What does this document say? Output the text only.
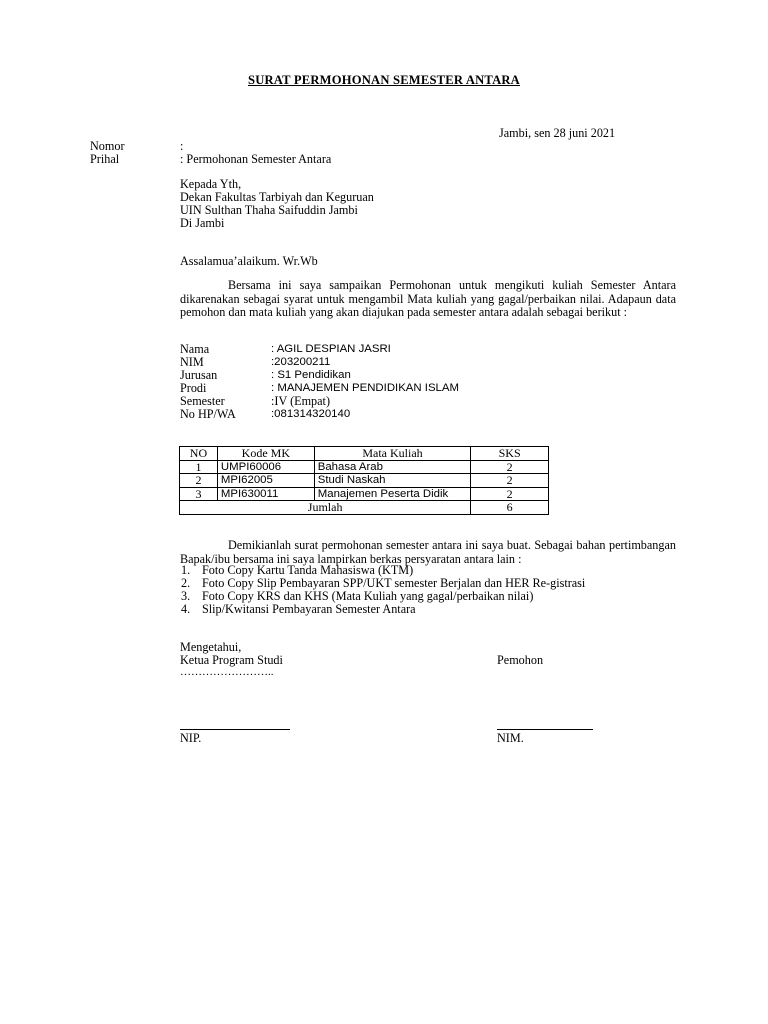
SURAT PERMOHONAN SEMESTER ANTARA
Jambi, sen 28 juni 2021
Nomor	:
Prihal	: Permohonan Semester Antara
Kepada Yth,
Dekan Fakultas Tarbiyah dan Keguruan
UIN Sulthan Thaha Saifuddin Jambi
Di Jambi
Assalamua’alaikum. Wr.Wb
Bersama ini saya sampaikan Permohonan untuk mengikuti kuliah Semester Antara dikarenakan sebagai syarat untuk mengambil Mata kuliah yang gagal/perbaikan nilai. Adapaun data pemohon dan mata kuliah yang akan diajukan pada semester antara adalah sebagai berikut :
Nama	: AGIL DESPIAN JASRI
NIM	:203200211
Jurusan	: S1 Pendidikan
Prodi	: MANAJEMEN PENDIDIKAN ISLAM
Semester	:IV (Empat)
No HP/WA	:081314320140
NO	Kode MK	Mata Kuliah	SKS
1	UMPI60006	Bahasa Arab	2
2	MPI62005	Studi Naskah	2
3	MPI630011	Manajemen Peserta Didik	2
Jumlah			6
Demikianlah surat permohonan semester antara ini saya buat. Sebagai bahan pertimbangan Bapak/ibu bersama ini saya lampirkan berkas persyaratan antara lain :
1. Foto Copy Kartu Tanda Mahasiswa (KTM)
2. Foto Copy Slip Pembayaran SPP/UKT semester Berjalan dan HER Re-gistrasi
3. Foto Copy KRS dan KHS (Mata Kuliah yang gagal/perbaikan nilai)
4. Slip/Kwitansi Pembayaran Semester Antara
Mengetahui,
Ketua Program Studi
……………………..
Pemohon
NIP.	NIM.
